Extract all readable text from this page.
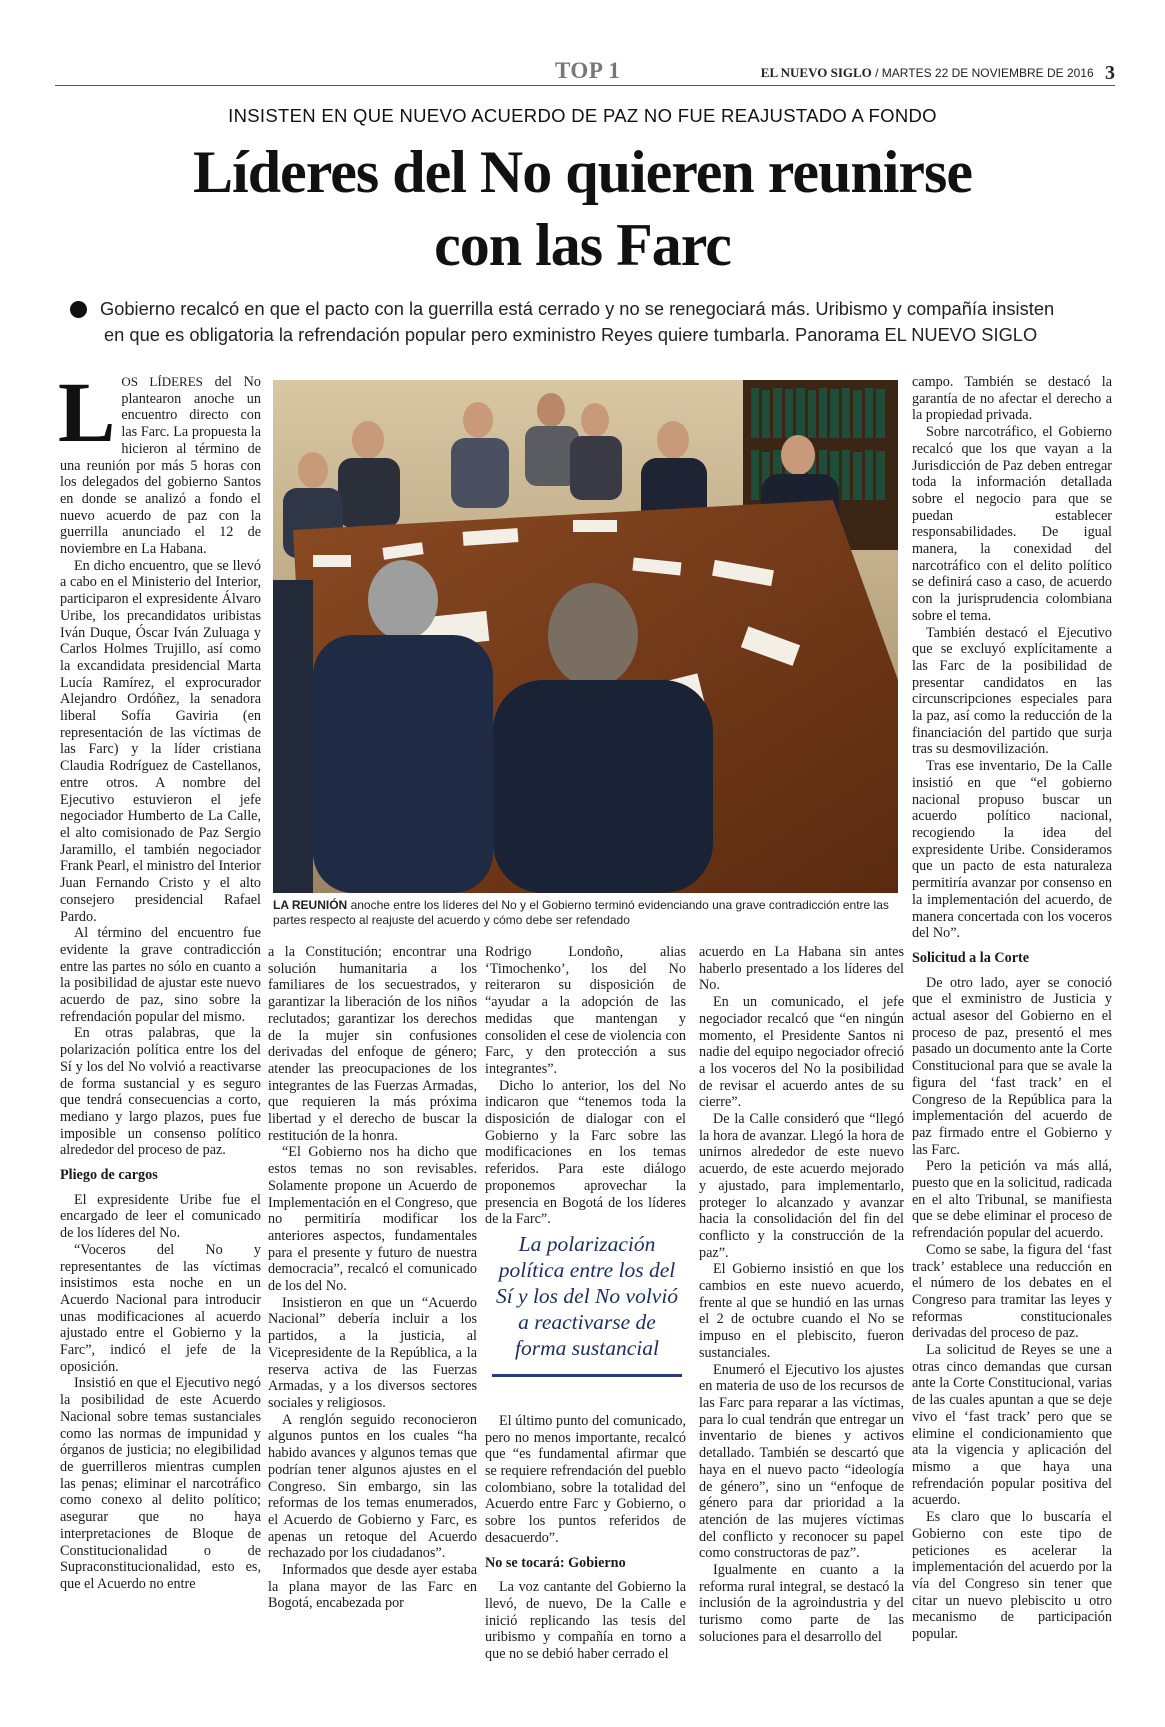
TOP 1	EL NUEVO SIGLO / MARTES 22 DE NOVIEMBRE DE 2016 3
INSISTEN EN QUE NUEVO ACUERDO DE PAZ NO FUE REAJUSTADO A FONDO
Líderes del No quieren reunirse
con las Farc
Gobierno recalcó en que el pacto con la guerrilla está cerrado y no se renegociará más. Uribismo y compañía insisten
en que es obligatoria la refrendación popular pero exministro Reyes quiere tumbarla. Panorama EL NUEVO SIGLO

LOS LÍDERES del No plantearon anoche un encuentro directo con las Farc. La propuesta la hicieron al término de una reunión por más 5 horas con los delegados del gobierno Santos en donde se analizó a fondo el nuevo acuerdo de paz con la guerrilla anunciado el 12 de noviembre en La Habana.

En dicho encuentro, que se llevó a cabo en el Ministerio del Interior, participaron el expresidente Álvaro Uribe, los precandidatos uribistas Iván Duque, Óscar Iván Zuluaga y Carlos Holmes Trujillo, así como la excandidata presidencial Marta Lucía Ramírez, el exprocurador Alejandro Ordóñez, la senadora liberal Sofía Gaviria (en representación de las víctimas de las Farc) y la líder cristiana Claudia Rodríguez de Castellanos, entre otros. A nombre del Ejecutivo estuvieron el jefe negociador Humberto de La Calle, el alto comisionado de Paz Sergio Jaramillo, el también negociador Frank Pearl, el ministro del Interior Juan Fernando Cristo y el alto consejero presidencial Rafael Pardo.

Al término del encuentro fue evidente la grave contradicción entre las partes no sólo en cuanto a la posibilidad de ajustar este nuevo acuerdo de paz, sino sobre la refrendación popular del mismo.

En otras palabras, que la polarización política entre los del Sí y los del No volvió a reactivarse de forma sustancial y es seguro que tendrá consecuencias a corto, mediano y largo plazos, pues fue imposible un consenso político alrededor del proceso de paz.

Pliego de cargos

El expresidente Uribe fue el encargado de leer el comunicado de los líderes del No.

“Voceros del No y representantes de las víctimas insistimos esta noche en un Acuerdo Nacional para introducir unas modificaciones al acuerdo ajustado entre el Gobierno y la Farc”, indicó el jefe de la oposición.

Insistió en que el Ejecutivo negó la posibilidad de este Acuerdo Nacional sobre temas sustanciales como las normas de impunidad y órganos de justicia; no elegibilidad de guerrilleros mientras cumplen las penas; eliminar el narcotráfico como conexo al delito político; asegurar que no haya interpretaciones de Bloque de Constitucionalidad o de Supraconstitucionalidad, esto es, que el Acuerdo no entre

LA REUNIÓN anoche entre los líderes del No y el Gobierno terminó evidenciando una grave contradicción entre las partes respecto al reajuste del acuerdo y cómo debe ser refendado

a la Constitución; encontrar una solución humanitaria a los familiares de los secuestrados, y garantizar la liberación de los niños reclutados; garantizar los derechos de la mujer sin confusiones derivadas del enfoque de género; atender las preocupaciones de los integrantes de las Fuerzas Armadas, que requieren la más próxima libertad y el derecho de buscar la restitución de la honra.

“El Gobierno nos ha dicho que estos temas no son revisables. Solamente propone un Acuerdo de Implementación en el Congreso, que no permitiría modificar los anteriores aspectos, fundamentales para el presente y futuro de nuestra democracia”, recalcó el comunicado de los del No.

Insistieron en que un “Acuerdo Nacional” debería incluir a los partidos, a la justicia, al Vicepresidente de la República, a la reserva activa de las Fuerzas Armadas, y a los diversos sectores sociales y religiosos.

A renglón seguido reconocieron algunos puntos en los cuales “ha habido avances y algunos temas que podrían tener algunos ajustes en el Congreso. Sin embargo, sin las reformas de los temas enumerados, el Acuerdo de Gobierno y Farc, es apenas un retoque del Acuerdo rechazado por los ciudadanos”.

Informados que desde ayer estaba la plana mayor de las Farc en Bogotá, encabezada por

Rodrigo Londoño, alias ‘Timochenko’, los del No reiteraron su disposición de “ayudar a la adopción de las medidas que mantengan y consoliden el cese de violencia con Farc, y den protección a sus integrantes”.

Dicho lo anterior, los del No indicaron que “tenemos toda la disposición de dialogar con el Gobierno y la Farc sobre las modificaciones en los temas referidos. Para este diálogo proponemos aprovechar la presencia en Bogotá de los líderes de la Farc”.

El último punto del comunicado, pero no menos importante, recalcó que “es fundamental afirmar que se requiere refrendación del pueblo colombiano, sobre la totalidad del Acuerdo entre Farc y Gobierno, o sobre los puntos referidos de desacuerdo”.

No se tocará: Gobierno

La voz cantante del Gobierno la llevó, de nuevo, De la Calle e inició replicando las tesis del uribismo y compañía en torno a que no se debió haber cerrado el

La polarización política entre los del Sí y los del No volvió a reactivarse de forma sustancial

acuerdo en La Habana sin antes haberlo presentado a los líderes del No.

En un comunicado, el jefe negociador recalcó que “en ningún momento, el Presidente Santos ni nadie del equipo negociador ofreció a los voceros del No la posibilidad de revisar el acuerdo antes de su cierre”.

De la Calle consideró que “llegó la hora de avanzar. Llegó la hora de unirnos alrededor de este nuevo acuerdo, de este acuerdo mejorado y ajustado, para implementarlo, proteger lo alcanzado y avanzar hacia la consolidación del fin del conflicto y la construcción de la paz”.

El Gobierno insistió en que los cambios en este nuevo acuerdo, frente al que se hundió en las urnas el 2 de octubre cuando el No se impuso en el plebiscito, fueron sustanciales.

Enumeró el Ejecutivo los ajustes en materia de uso de los recursos de las Farc para reparar a las víctimas, para lo cual tendrán que entregar un inventario de bienes y activos detallado. También se descartó que haya en el nuevo pacto “ideología de género”, sino un “enfoque de género para dar prioridad a la atención de las mujeres víctimas del conflicto y reconocer su papel como constructoras de paz”.

Igualmente en cuanto a la reforma rural integral, se destacó la inclusión de la agroindustria y del turismo como parte de las soluciones para el desarrollo del

campo. También se destacó la garantía de no afectar el derecho a la propiedad privada.

Sobre narcotráfico, el Gobierno recalcó que los que vayan a la Jurisdicción de Paz deben entregar toda la información detallada sobre el negocio para que se puedan establecer responsabilidades. De igual manera, la conexidad del narcotráfico con el delito político se definirá caso a caso, de acuerdo con la jurisprudencia colombiana sobre el tema.

También destacó el Ejecutivo que se excluyó explícitamente a las Farc de la posibilidad de presentar candidatos en las circunscripciones especiales para la paz, así como la reducción de la financiación del partido que surja tras su desmovilización.

Tras ese inventario, De la Calle insistió en que “el gobierno nacional propuso buscar un acuerdo político nacional, recogiendo la idea del expresidente Uribe. Consideramos que un pacto de esta naturaleza permitiría avanzar por consenso en la implementación del acuerdo, de manera concertada con los voceros del No”.

Solicitud a la Corte

De otro lado, ayer se conoció que el exministro de Justicia y actual asesor del Gobierno en el proceso de paz, presentó el mes pasado un documento ante la Corte Constitucional para que se avale la figura del ‘fast track’ en el Congreso de la República para la implementación del acuerdo de paz firmado entre el Gobierno y las Farc.

Pero la petición va más allá, puesto que en la solicitud, radicada en el alto Tribunal, se manifiesta que se debe eliminar el proceso de refrendación popular del acuerdo.

Como se sabe, la figura del ‘fast track’ establece una reducción en el número de los debates en el Congreso para tramitar las leyes y reformas constitucionales derivadas del proceso de paz.

La solicitud de Reyes se une a otras cinco demandas que cursan ante la Corte Constitucional, varias de las cuales apuntan a que se deje vivo el ‘fast track’ pero que se elimine el condicionamiento que ata la vigencia y aplicación del mismo a que haya una refrendación popular positiva del acuerdo.

Es claro que lo buscaría el Gobierno con este tipo de peticiones es acelerar la implementación del acuerdo por la vía del Congreso sin tener que citar un nuevo plebiscito u otro mecanismo de participación popular.
